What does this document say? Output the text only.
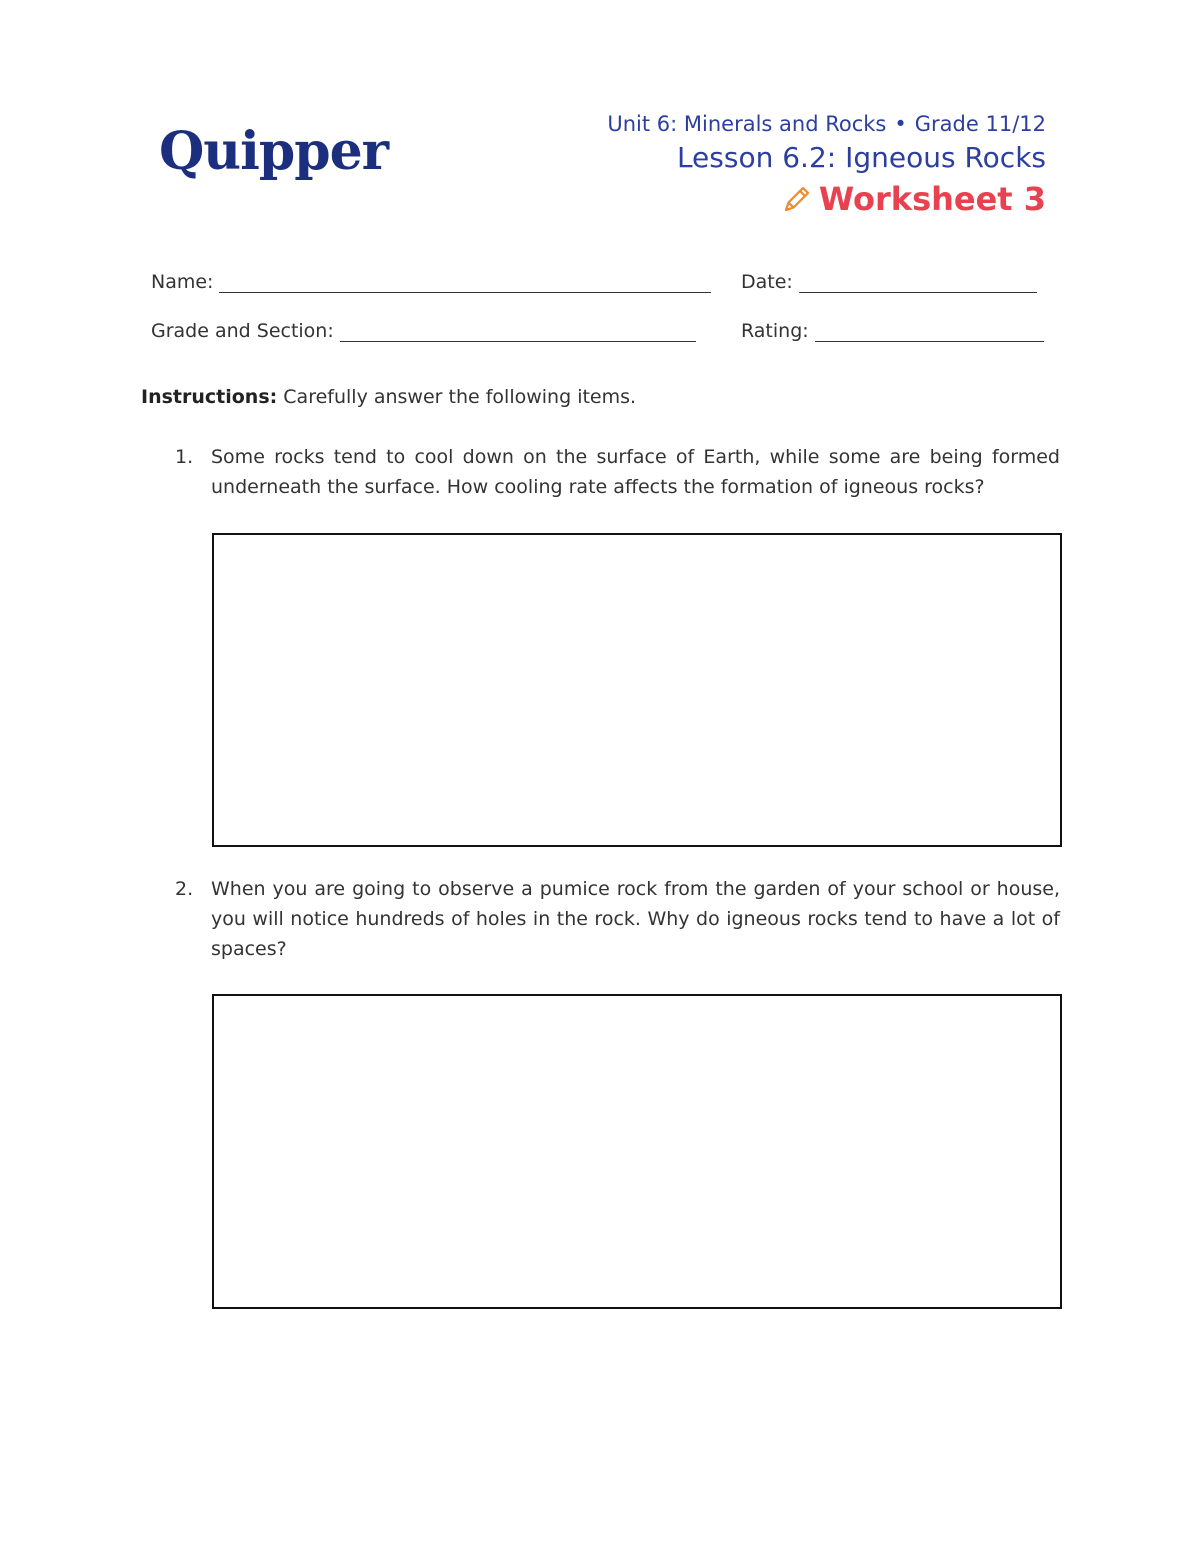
Quipper	Unit 6: Minerals and Rocks • Grade 11/12
Lesson 6.2: Igneous Rocks
Worksheet 3
Name:	Date:
Grade and Section:	Rating:
Instructions: Carefully answer the following items.
1. Some rocks tend to cool down on the surface of Earth, while some are being formed underneath the surface. How cooling rate affects the formation of igneous rocks?
2. When you are going to observe a pumice rock from the garden of your school or house, you will notice hundreds of holes in the rock. Why do igneous rocks tend to have a lot of spaces?
